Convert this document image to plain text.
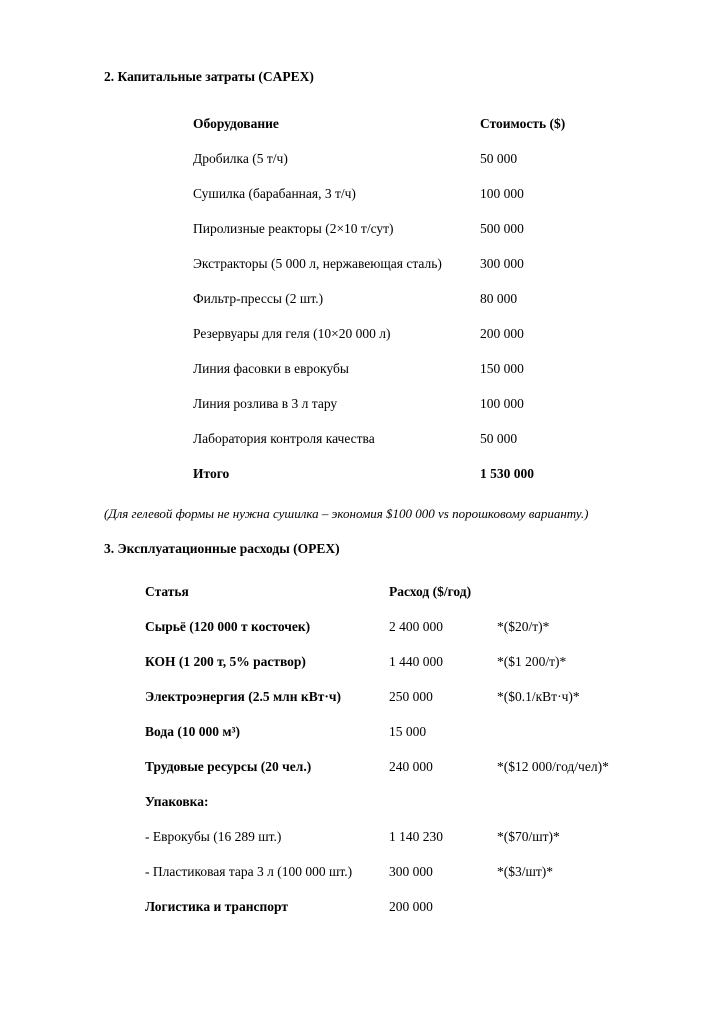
2. Капитальные затраты (CAPEX)
Оборудование	Стоимость ($)
Дробилка (5 т/ч)	50 000
Сушилка (барабанная, 3 т/ч)	100 000
Пиролизные реакторы (2×10 т/сут)	500 000
Экстракторы (5 000 л, нержавеющая сталь)	300 000
Фильтр-прессы (2 шт.)	80 000
Резервуары для геля (10×20 000 л)	200 000
Линия фасовки в еврокубы	150 000
Линия розлива в 3 л тару	100 000
Лаборатория контроля качества	50 000
Итого	1 530 000
(Для гелевой формы не нужна сушилка – экономия $100 000 vs порошковому варианту.)
3. Эксплуатационные расходы (OPEX)
Статья	Расход ($/год)	
Сырьё (120 000 т косточек)	2 400 000	*($20/т)*
КОН (1 200 т, 5% раствор)	1 440 000	*($1 200/т)*
Электроэнергия (2.5 млн кВт·ч)	250 000	*($0.1/кВт·ч)*
Вода (10 000 м³)	15 000	
Трудовые ресурсы (20 чел.)	240 000	*($12 000/год/чел)*
Упаковка:		
- Еврокубы (16 289 шт.)	1 140 230	*($70/шт)*
- Пластиковая тара 3 л (100 000 шт.)	300 000	*($3/шт)*
Логистика и транспорт	200 000	
